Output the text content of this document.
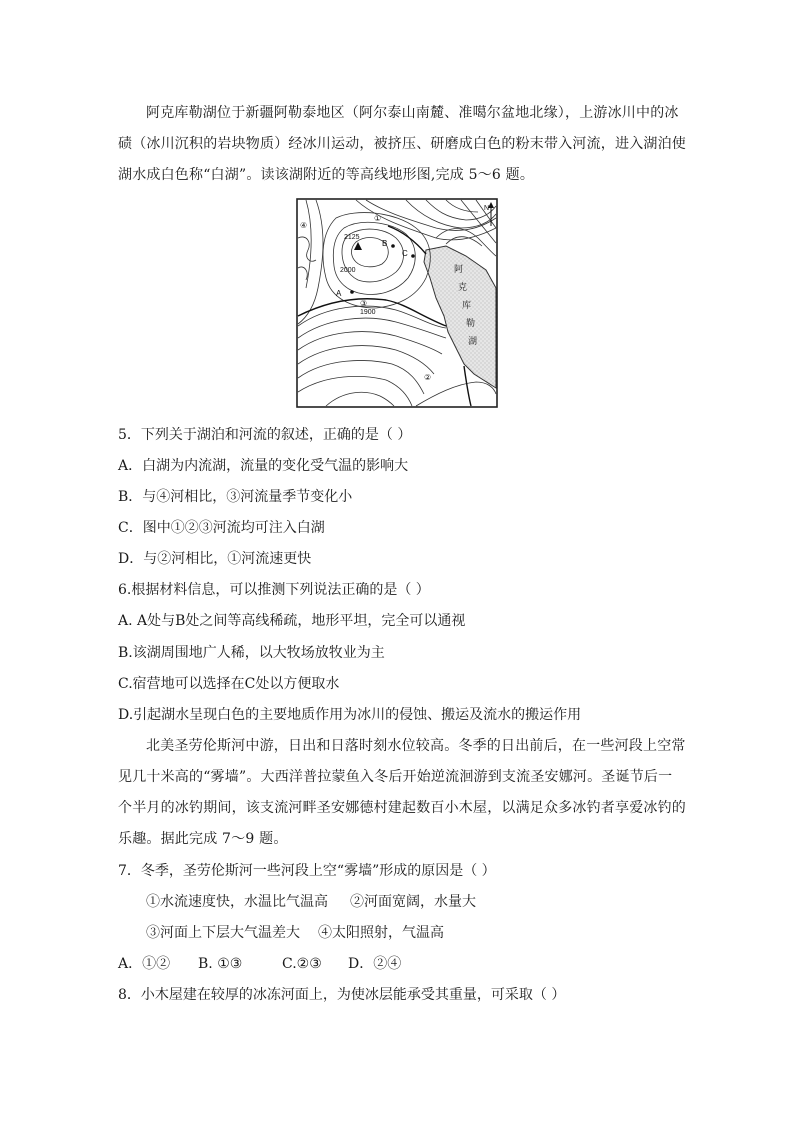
阿克库勒湖位于新疆阿勒泰地区（阿尔泰山南麓、准噶尔盆地北缘），上游冰川中的冰碛（冰川沉积的岩块物质）经冰川运动，被挤压、研磨成白色的粉末带入河流，进入湖泊使湖水成白色称“白湖”。读该湖附近的等高线地形图,完成 5～6 题。

2125
2000
1900
A
B
C
①
②
③
④
N
阿
克
库
勒
湖

5．下列关于湖泊和河流的叙述，正确的是（ ）

A．白湖为内流湖，流量的变化受气温的影响大

B．与④河相比，③河流量季节变化小

C．图中①②③河流均可注入白湖

D．与②河相比，①河流速更快

6.根据材料信息，可以推测下列说法正确的是（ ）

A. A处与B处之间等高线稀疏，地形平坦，完全可以通视

B.该湖周围地广人稀，以大牧场放牧业为主

C.宿营地可以选择在C处以方便取水

D.引起湖水呈现白色的主要地质作用为冰川的侵蚀、搬运及流水的搬运作用

北美圣劳伦斯河中游，日出和日落时刻水位较高。冬季的日出前后，在一些河段上空常见几十米高的“雾墙”。大西洋普拉蒙鱼入冬后开始逆流洄游到支流圣安娜河。圣诞节后一个半月的冰钓期间，该支流河畔圣安娜德村建起数百小木屋，以满足众多冰钓者享爱冰钓的乐趣。据此完成 7～9 题。

7．冬季，圣劳伦斯河一些河段上空“雾墙”形成的原因是（ ）

①水流速度快，水温比气温高 ②河面宽阔，水量大

③河面上下层大气温差大 ④太阳照射，气温高

A．①② B. ①③	C.②③ D．②④

8．小木屋建在较厚的冰冻河面上，为使冰层能承受其重量，可采取（ ）
